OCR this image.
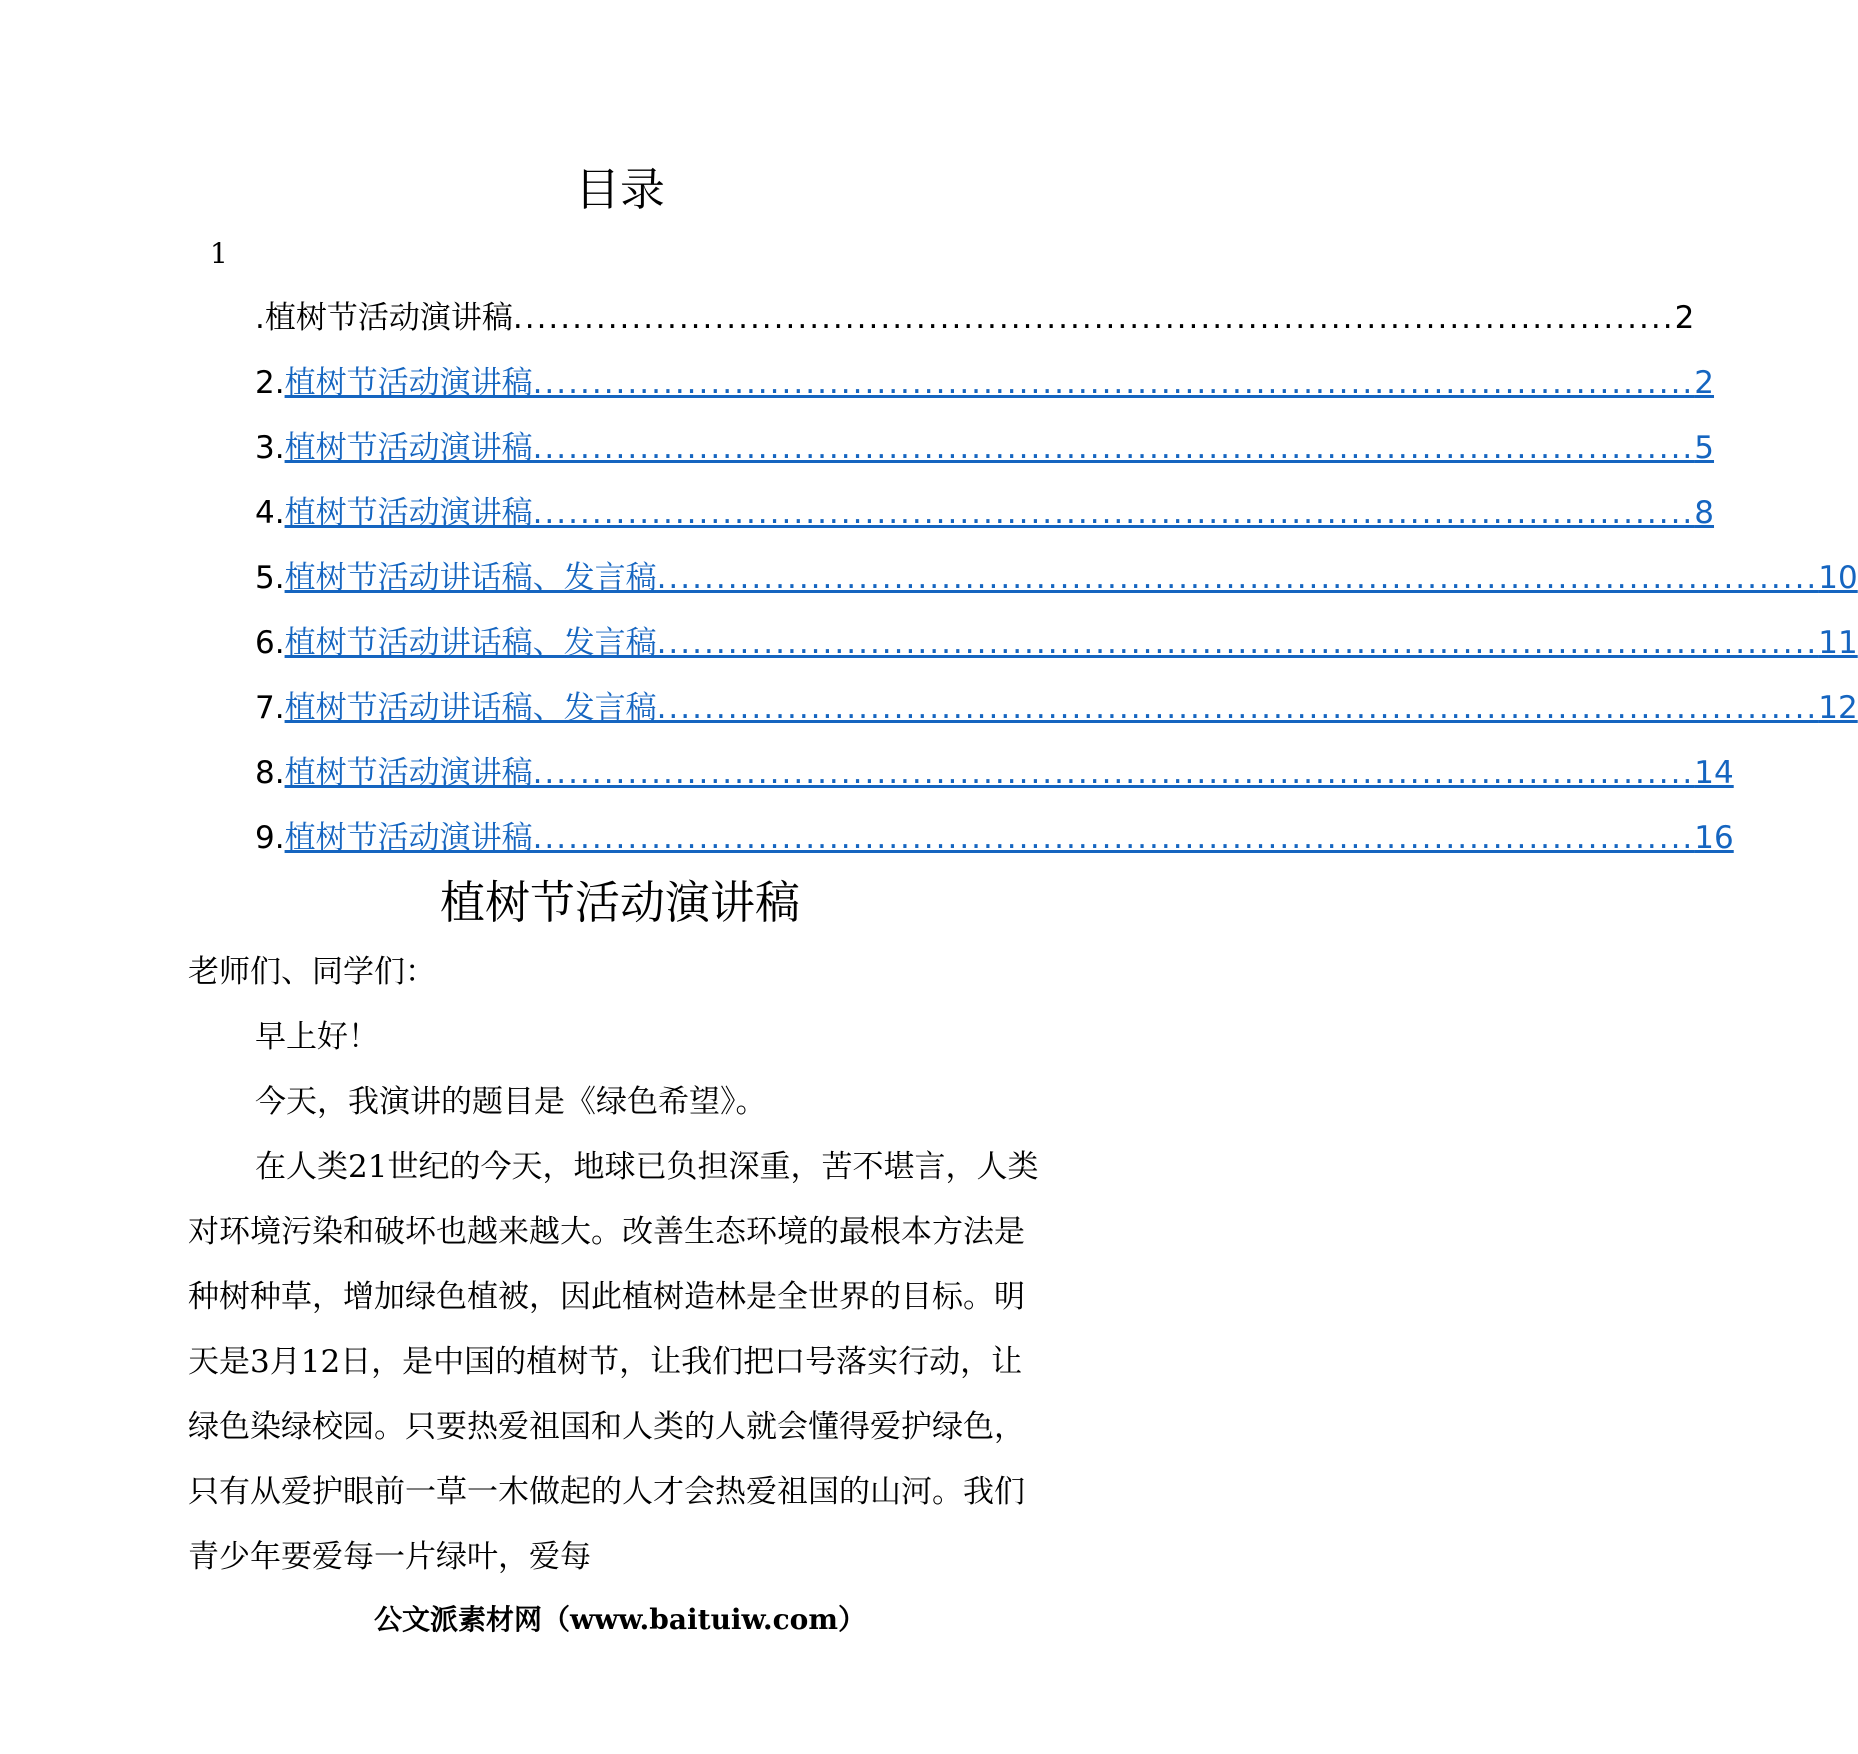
目录
1
.植树节活动演讲稿 .................................................................................................. 2
2. 植树节活动演讲稿 .................................................................................................. 2
3. 植树节活动演讲稿 .................................................................................................. 5
4. 植树节活动演讲稿 .................................................................................................. 8
5. 植树节活动讲话稿、发言稿 .................................................................................................. 10
6. 植树节活动讲话稿、发言稿 .................................................................................................. 11
7. 植树节活动讲话稿、发言稿 .................................................................................................. 12
8. 植树节活动演讲稿 .................................................................................................. 14
9. 植树节活动演讲稿 .................................................................................................. 16
植树节活动演讲稿

老师们、同学们：

早上好！

今天，我演讲的题目是《绿色希望》。

在人类21世纪的今天，地球已负担深重，苦不堪言，人类对环境污染和破坏也越来越大。改善生态环境的最根本方法是种树种草，增加绿色植被，因此植树造林是全世界的目标。明天是3月12日，是中国的植树节，让我们把口号落实行动，让绿色染绿校园。只要热爱祖国和人类的人就会懂得爱护绿色，只有从爱护眼前一草一木做起的人才会热爱祖国的山河。我们青少年要爱每一片绿叶，爱每

公文派素材网（www.baituiw.com）
